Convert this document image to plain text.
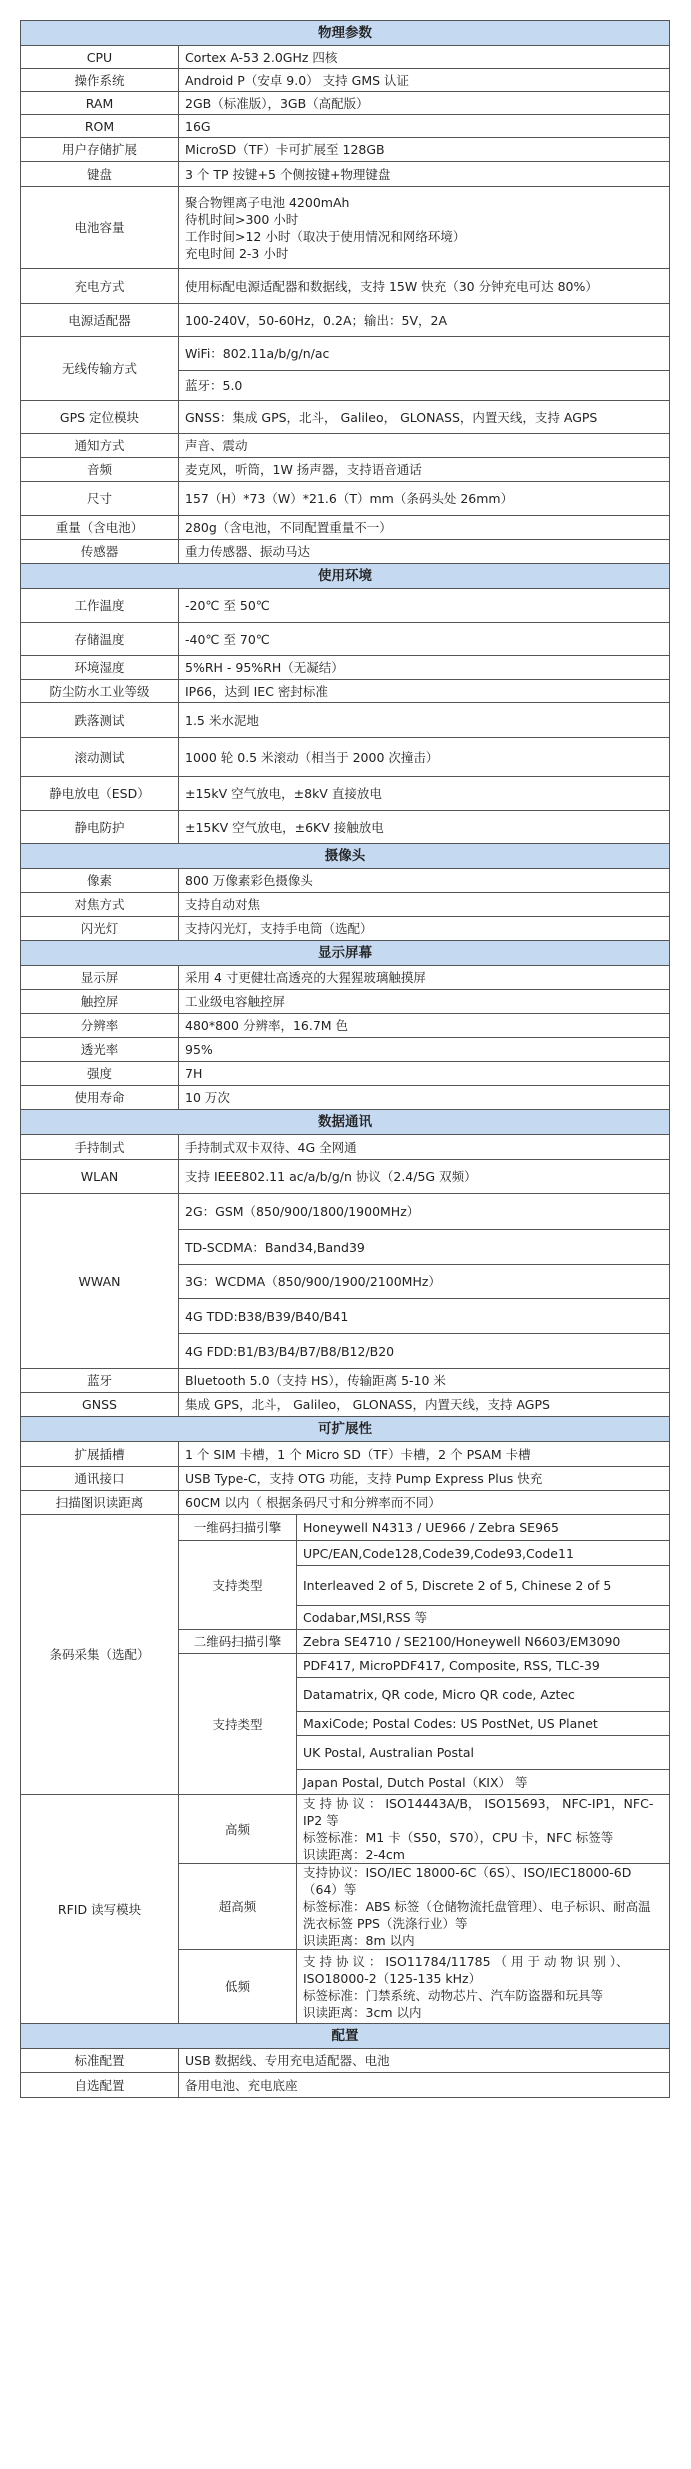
物理参数		
CPU	Cortex A-53 2.0GHz 四核	
操作系统	Android P（安卓 9.0） 支持 GMS 认证	
RAM	2GB（标准版），3GB（高配版）	
ROM	16G	
用户存储扩展	MicroSD（TF）卡可扩展至 128GB	
键盘	3 个 TP 按键+5 个侧按键+物理键盘	
电池容量	聚合物锂离子电池 4200mAh
待机时间>300 小时
工作时间>12 小时（取决于使用情况和网络环境）
充电时间 2-3 小时	

充电方式	使用标配电源适配器和数据线，支持 15W 快充（30 分钟充电可达 80%）	
电源适配器	100-240V，50-60Hz，0.2A；输出：5V，2A	
无线传输方式	WiFi：802.11a/b/g/n/ac	
	蓝牙：5.0	
GPS 定位模块	GNSS：集成 GPS，北斗， Galileo， GLONASS，内置天线，支持 AGPS	
通知方式	声音、震动	
音频	麦克风，听筒，1W 扬声器，支持语音通话	
尺寸	157（H）*73（W）*21.6（T）mm（条码头处 26mm）	
重量（含电池）	280g（含电池，不同配置重量不一）	
传感器	重力传感器、振动马达	
使用环境		
工作温度	-20℃ 至 50℃	
存储温度	-40℃ 至 70℃	
环境湿度	5%RH - 95%RH（无凝结）	
防尘防水工业等级	IP66，达到 IEC 密封标准	
跌落测试	1.5 米水泥地	
滚动测试	1000 轮 0.5 米滚动（相当于 2000 次撞击）	
静电放电（ESD）	±15kV 空气放电，±8kV 直接放电	
静电防护	±15KV 空气放电，±6KV 接触放电	
摄像头		
像素	800 万像素彩色摄像头	
对焦方式	支持自动对焦	
闪光灯	支持闪光灯，支持手电筒（选配）	
显示屏幕		
显示屏	采用 4 寸更健壮高透亮的大猩猩玻璃触摸屏	
触控屏	工业级电容触控屏	
分辨率	480*800 分辨率，16.7M 色	
透光率	95%	
强度	7H	
使用寿命	10 万次	
数据通讯		
手持制式	手持制式双卡双待、4G 全网通	
WLAN	支持 IEEE802.11 ac/a/b/g/n 协议（2.4/5G 双频）	
WWAN	2G：GSM（850/900/1800/1900MHz）	
	TD-SCDMA：Band34,Band39	
	3G：WCDMA（850/900/1900/2100MHz）	
	4G TDD:B38/B39/B40/B41	
	4G FDD:B1/B3/B4/B7/B8/B12/B20	
蓝牙	Bluetooth 5.0（支持 HS），传输距离 5-10 米	
GNSS	集成 GPS，北斗， Galileo， GLONASS，内置天线，支持 AGPS	
可扩展性		
扩展插槽	1 个 SIM 卡槽，1 个 Micro SD（TF）卡槽，2 个 PSAM 卡槽	
通讯接口	USB Type-C，支持 OTG 功能，支持 Pump Express Plus 快充	
扫描图识读距离	60CM 以内（ 根据条码尺寸和分辨率而不同）	
条码采集（选配）	一维码扫描引擎	Honeywell N4313 / UE966 / Zebra SE965
	支持类型	UPC/EAN,Code128,Code39,Code93,Code11
		Interleaved 2 of 5, Discrete 2 of 5, Chinese 2 of 5
		Codabar,MSI,RSS 等
	二维码扫描引擎	Zebra SE4710 / SE2100/Honeywell N6603/EM3090
	支持类型	PDF417, MicroPDF417, Composite, RSS, TLC-39
		Datamatrix, QR code, Micro QR code, Aztec
		MaxiCode; Postal Codes: US PostNet, US Planet
		UK Postal, Australian Postal
		Japan Postal, Dutch Postal（KIX） 等
RFID 读写模块	高频	支 持 协 议 ： ISO14443A/B， ISO15693， NFC-IP1，NFC-IP2 等
标签标准：M1 卡（S50，S70），CPU 卡，NFC 标签等
识读距离：2-4cm

	超高频	支持协议：ISO/IEC 18000-6C（6S）、ISO/IEC18000-6D（64）等
标签标准：ABS 标签（仓储物流托盘管理）、电子标识、耐高温洗衣标签 PPS（洗涤行业）等
识读距离：8m 以内

	低频	支 持 协 议 ： ISO11784/11785 （ 用 于 动 物 识 别 ）、ISO18000-2（125-135 kHz）
标签标准：门禁系统、动物芯片、汽车防盗器和玩具等
识读距离：3cm 以内

配置		
标准配置	USB 数据线、专用充电适配器、电池	
自选配置	备用电池、充电底座	
